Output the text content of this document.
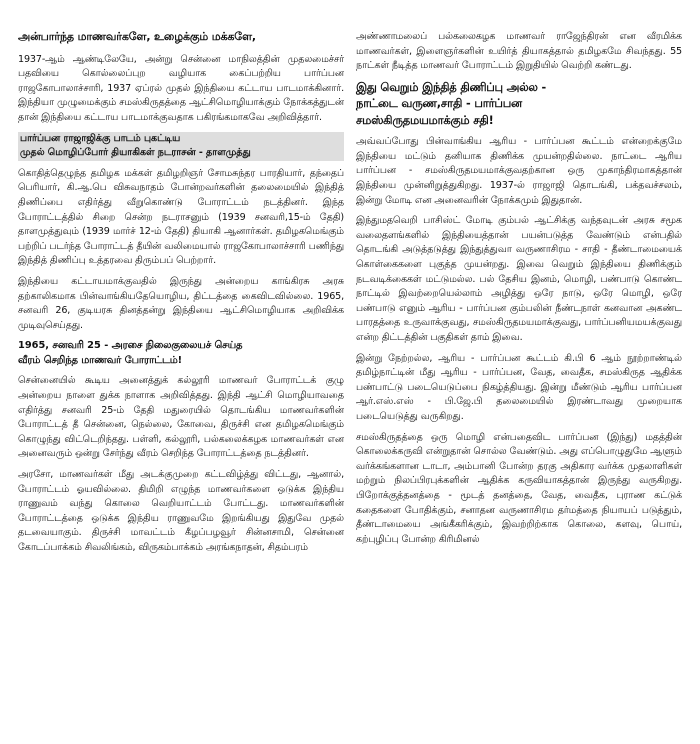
அன்பார்ந்த மாணவர்களே, உழைக்கும் மக்களே,

1937-ஆம் ஆண்டிலேயே, அன்று சென்னை மாநிலத்தின் முதலமைச்சர் பதவியை கொல்லைப்புற வழியாக கைப்பற்றிய பார்ப்பன ராஜகோபாலாச்சாரி, 1937 ஏப்ரல் முதல் இந்தியை கட்டாய பாடமாக்கினார். இந்தியா முழுமைக்கும் சமஸ்கிருதத்தை ஆட்சிமொழியாக்கும் நோக்கத்துடன் தான் இந்தியை கட்டாய பாடமாக்குவதாக பகிரங்கமாகவே அறிவித்தார்.

பார்ப்பன ராஜாஜிக்கு பாடம் புகட்டிய
முதல் மொழிப்போர் தியாகிகள் நடராசன் - தாளமுத்து

கொதித்தெழுந்த தமிழக மக்கள் தமிழறிஞர் சோமசுந்தர பாரதியார், தந்தைப் பெரியார், கி.ஆ.பெ விசுவநாதம் போன்றவர்களின் தலைமையில் இந்தித் திணிப்பை எதிர்த்து வீறுகொண்டு போராட்டம் நடத்தினர். இந்த போராட்டத்தில் சிறை சென்ற நடராசனும் (1939 சனவரி,15-ம் தேதி) தாளமுத்துவும் (1939 மார்ச் 12-ம் தேதி) தியாகி ஆனார்கள். தமிழகமெங்கும் பற்றிப் படர்ந்த போராட்டத் தீயின் வலிமையால் ராஜகோபாலாச்சாரி பணிந்து இந்தித் திணிப்பு உத்தரவை திரும்பப் பெற்றார்.

இந்தியை கட்டாயமாக்குவதில் இருந்து அன்றைய காங்கிரசு அரசு தற்காலிகமாக பின்வாங்கியதேயொழிய, திட்டத்தை கைவிடவில்லை. 1965, சனவரி 26, குடியரசு தினத்தன்று இந்தியை ஆட்சிமொழியாக அறிவிக்க முடிவுசெய்தது.

1965, சனவரி 25 - அரசை நிலைகுலையச் செய்த
வீரம் செறிந்த மாணவர் போராட்டம்!

சென்னையில் கூடிய அனைத்துக் கல்லூரி மாணவர் போராட்டக் குழு அன்றைய நாளை துக்க நாளாக அறிவித்தது. இந்தி ஆட்சி மொழியாவதை எதிர்த்து சனவரி 25-ம் தேதி மதுரையில் தொடங்கிய மாணவர்களின் போராட்டத் தீ சென்னை, நெல்லை, கோவை, திருச்சி என தமிழகமெங்கும் கொழுந்து விட்டெறிந்தது. பள்ளி, கல்லூரி, பல்கலைக்கழக மாணவர்கள் என அனைவரும் ஒன்று சேர்ந்து வீரம் செறிந்த போராட்டத்தை நடத்தினர்.

அரசோ, மாணவர்கள் மீது அடக்குமுறை கட்டவிழ்த்து விட்டது, ஆனால், போராட்டம் ஓயவில்லை. திமிறி எழுந்த மாணவர்களை ஒடுக்க இந்திய ராணுவம் வந்து கொலை வெறியாட்டம் போட்டது. மாணவர்களின் போராட்டத்தை ஒடுக்க இந்திய ராணுவமே இறங்கியது இதுவே முதல் தடவையாகும். திருச்சி மாவட்டம் கீழப்பழவூர் சின்னசாமி, சென்னை கோடப்பாக்கம் சிவலிங்கம், விருகம்பாக்கம் அரங்கநாதன், சிதம்பரம்

அண்ணாமலைப் பல்கலைகழக மாணவர் ராஜேந்திரன் என வீரமிக்க மாணவர்கள், இளைஞர்களின் உயிர்த் தியாகத்தால் தமிழகமே சிவந்தது. 55 நாட்கள் நீடித்த மாணவர் போராட்டம் இறுதியில் வெற்றி கண்டது.

இது வெறும் இந்தித் திணிப்பு அல்ல -
நாட்டை வருண,சாதி - பார்ப்பன
சமஸ்கிருதமயமாக்கும் சதி!

அவ்வப்போது பின்வாங்கிய ஆரிய - பார்ப்பன கூட்டம் என்றைக்குமே இந்தியை மட்டும் தனியாக திணிக்க முயன்றதில்லை. நாட்டை ஆரிய பார்ப்பன - சமஸ்கிருதமயமாக்குவதற்கான ஒரு முகாந்திரமாகத்தான் இந்தியை முன்னிறுத்துகிறது. 1937-ல் ராஜாஜி தொடங்கி, பக்தவச்சலம், இன்று மோடி என அனைவரின் நோக்கமும் இதுதான்.

இந்துமதவெறி பாசிஸ்ட் மோடி கும்பல் ஆட்சிக்கு வந்தவுடன் அரசு சமூக வலைதளங்களில் இந்தியைத்தான் பயன்படுத்த வேண்டும் என்பதில் தொடங்கி அடுத்தடுத்து இந்துத்துவா வருணாசிரம - சாதி - தீண்டாமையைக் கொள்கைகளை புகுத்த முயன்றது. இவை வெறும் இந்தியை திணிக்கும் நடவடிக்கைகள் மட்டுமல்ல. பல் தேசிய இனம், மொழி, பண்பாடு கொண்ட நாட்டில் இவற்றையெல்லாம் அழித்து ஒரே நாடு, ஒரே மொழி, ஒரே பண்பாடு எனும் ஆரிய - பார்ப்பன கும்பலின் நீண்டநாள் கனவான அகண்ட பாரதத்தை உருவாக்குவது, சமஸ்கிருதமயமாக்குவது, பார்ப்பனியமயக்குவது என்ற திட்டத்தின் பகுதிகள் தாம் இவை.

இன்று நேற்றல்ல, ஆரிய - பார்ப்பன கூட்டம் கி.பி 6 ஆம் நூற்றாண்டில் தமிழ்நாட்டின் மீது ஆரிய - பார்ப்பன, வேத, வைதீக, சமஸ்கிருத ஆதிக்க பண்பாட்டு படையெடுப்பை நிகழ்த்தியது. இன்று மீண்டும் ஆரிய பார்ப்பன ஆர்.எஸ்.எஸ் - பி.ஜே.பி தலைமையில் இரண்டாவது முறையாக படையெடுத்து வருகிறது.

சமஸ்கிருதத்தை ஒரு மொழி என்பதைவிட பார்ப்பன (இந்து) மதத்தின் கொலைக்கருவி என்றுதான் சொல்ல வேண்டும். அது எப்பொழுதுமே ஆளும் வர்க்கங்களான டாடா, அம்பானி போன்ற தரகு அதிகார வர்க்க முதலாளிகள் மற்றும் நிலப்பிரபுக்களின் ஆதிக்க கருவியாகத்தான் இருந்து வருகிறது. பிறோக்குத்தனத்தை - மூடத் தனத்தை, வேத, வைதீக, புராண கட்டுக் கதைகளை போதிக்கும், சனாதன வருணாசிரம தர்மத்தை நியாயப் படுத்தும், தீண்டாமையை அங்கீகரிக்கும், இவற்றிற்காக கொலை, களவு, பொய், கற்புழிப்பு போன்ற கிரிமினல்
